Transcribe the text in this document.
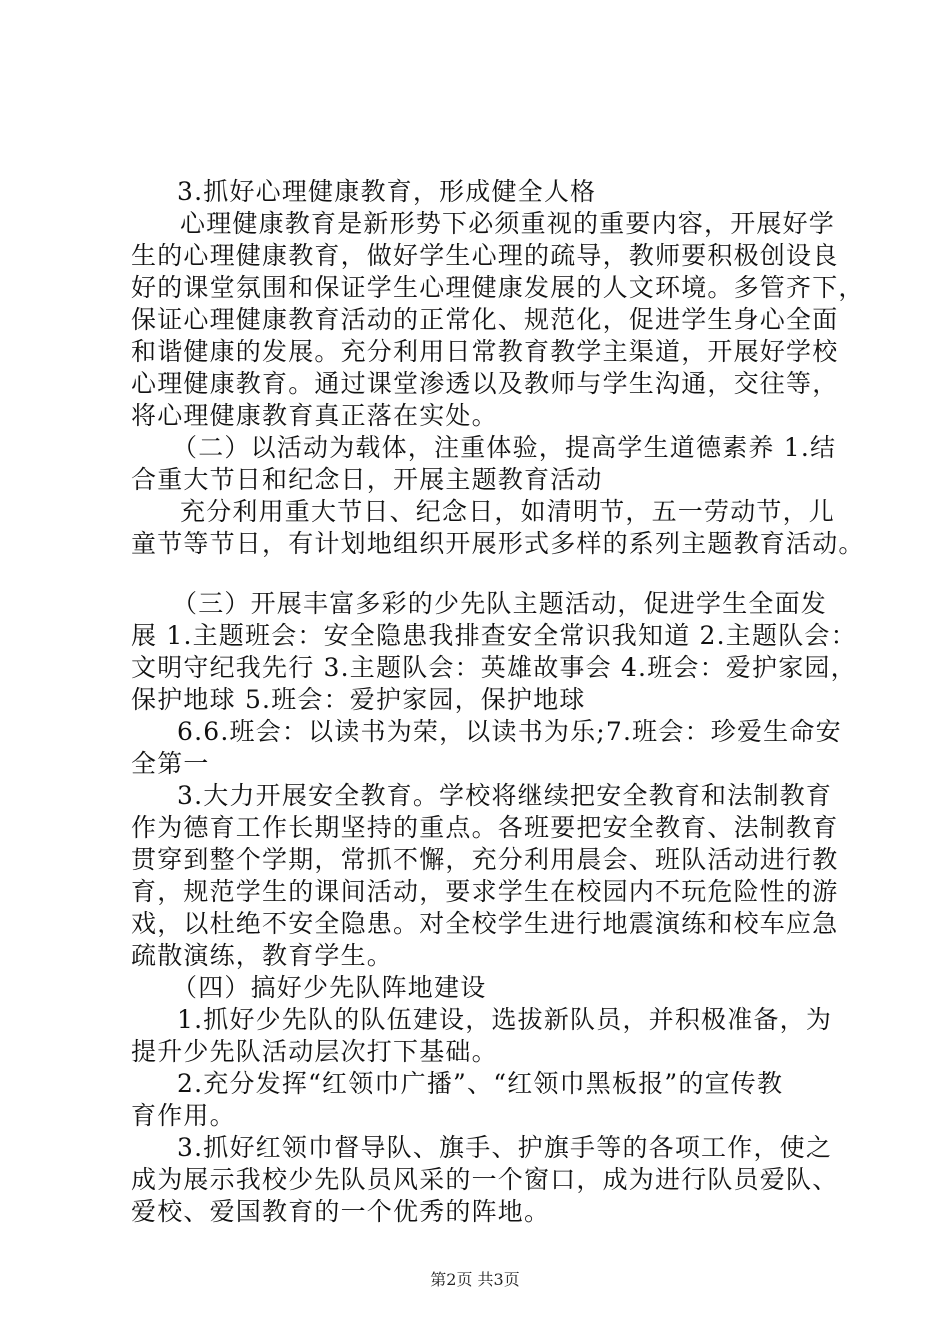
3.抓好心理健康教育，形成健全人格
心理健康教育是新形势下必须重视的重要内容，开展好学
生的心理健康教育，做好学生心理的疏导，教师要积极创设良
好的课堂氛围和保证学生心理健康发展的人文环境。多管齐下，
保证心理健康教育活动的正常化、规范化，促进学生身心全面
和谐健康的发展。充分利用日常教育教学主渠道，开展好学校
心理健康教育。通过课堂渗透以及教师与学生沟通，交往等，
将心理健康教育真正落在实处。
（二）以活动为载体，注重体验，提高学生道德素养 1.结
合重大节日和纪念日，开展主题教育活动
充分利用重大节日、纪念日，如清明节，五一劳动节，儿
童节等节日，有计划地组织开展形式多样的系列主题教育活动。
（三）开展丰富多彩的少先队主题活动，促进学生全面发
展 1.主题班会：安全隐患我排查安全常识我知道 2.主题队会：
文明守纪我先行 3.主题队会：英雄故事会 4.班会：爱护家园，
保护地球 5.班会：爱护家园，保护地球
6.6.班会：以读书为荣，以读书为乐;7.班会：珍爱生命安
全第一
3.大力开展安全教育。学校将继续把安全教育和法制教育
作为德育工作长期坚持的重点。各班要把安全教育、法制教育
贯穿到整个学期，常抓不懈，充分利用晨会、班队活动进行教
育，规范学生的课间活动，要求学生在校园内不玩危险性的游
戏，以杜绝不安全隐患。对全校学生进行地震演练和校车应急
疏散演练，教育学生。
（四）搞好少先队阵地建设
1.抓好少先队的队伍建设，选拔新队员，并积极准备，为
提升少先队活动层次打下基础。
2.充分发挥“红领巾广播”、“红领巾黑板报”的宣传教
育作用。
3.抓好红领巾督导队、旗手、护旗手等的各项工作，使之
成为展示我校少先队员风采的一个窗口，成为进行队员爱队、
爱校、爱国教育的一个优秀的阵地。
第2页 共3页
